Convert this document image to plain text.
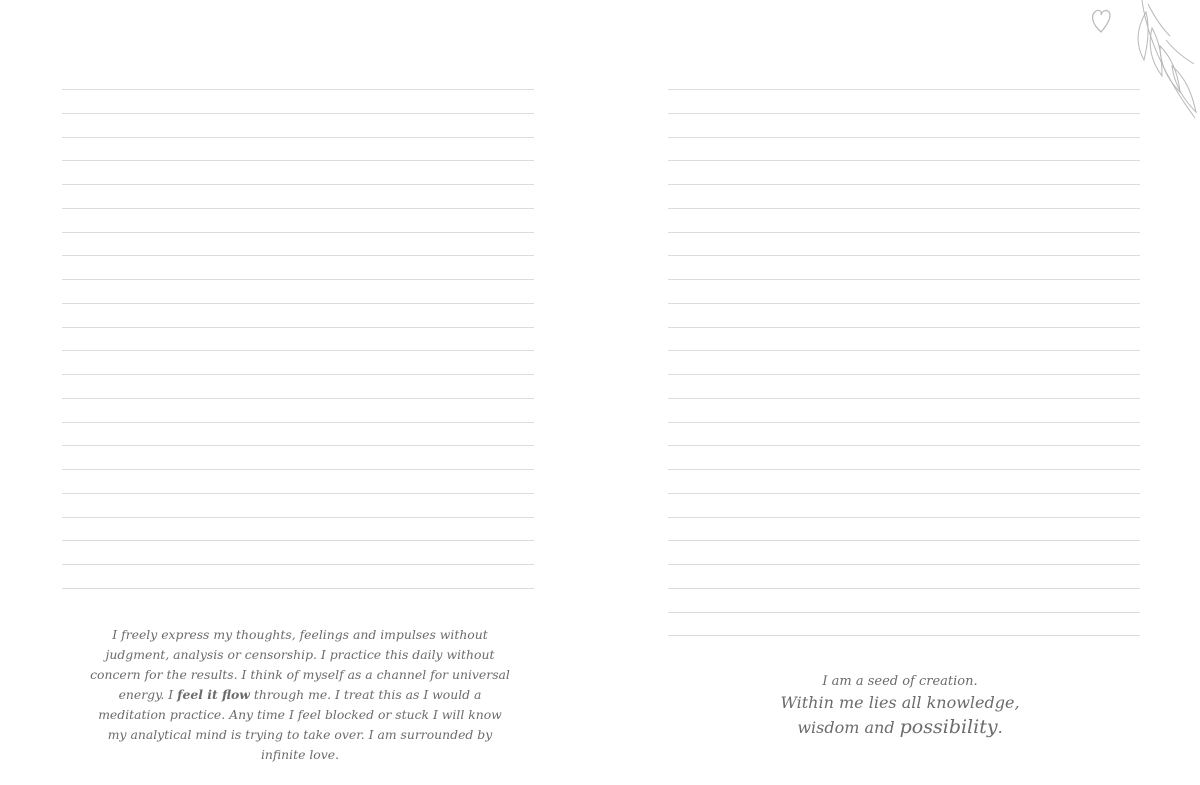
I freely express my thoughts, feelings and impulses without judgment, analysis or censorship. I practice this daily without concern for the results. I think of myself as a channel for universal energy. I feel it flow through me. I treat this as I would a meditation practice. Any time I feel blocked or stuck I will know my analytical mind is trying to take over. I am surrounded by infinite love.
I am a seed of creation.
Within me lies all knowledge,
wisdom and possibility.
